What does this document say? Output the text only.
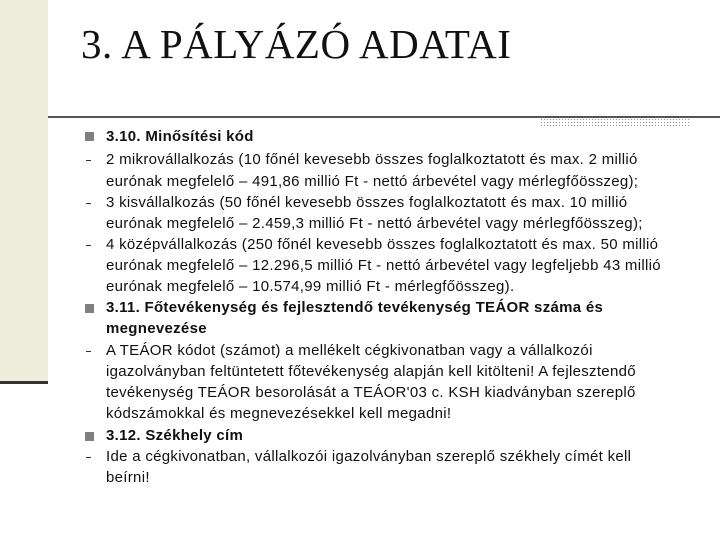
3. A PÁLYÁZÓ ADATAI
3.10. Minősítési kód
2 mikrovállalkozás (10 főnél kevesebb összes foglalkoztatott és max. 2 millió
eurónak megfelelő – 491,86 millió Ft - nettó árbevétel vagy mérlegfőösszeg);
3 kisvállalkozás (50 főnél kevesebb összes foglalkoztatott és max. 10 millió
eurónak megfelelő – 2.459,3 millió Ft - nettó árbevétel vagy mérlegfőösszeg);
4 középvállalkozás (250 főnél kevesebb összes foglalkoztatott és max. 50 millió
eurónak megfelelő – 12.296,5 millió Ft - nettó árbevétel vagy legfeljebb 43 millió
eurónak megfelelő – 10.574,99 millió Ft - mérlegfőösszeg).
3.11. Főtevékenység és fejlesztendő tevékenység TEÁOR száma és
megnevezése
A TEÁOR kódot (számot) a mellékelt cégkivonatban vagy a vállalkozói
igazolványban feltüntetett főtevékenység alapján kell kitölteni! A fejlesztendő
tevékenység TEÁOR besorolását a TEÁOR'03 c. KSH kiadványban szereplő
kódszámokkal és megnevezésekkel kell megadni!
3.12. Székhely cím
Ide a cégkivonatban, vállalkozói igazolványban szereplő székhely címét kell
beírni!
